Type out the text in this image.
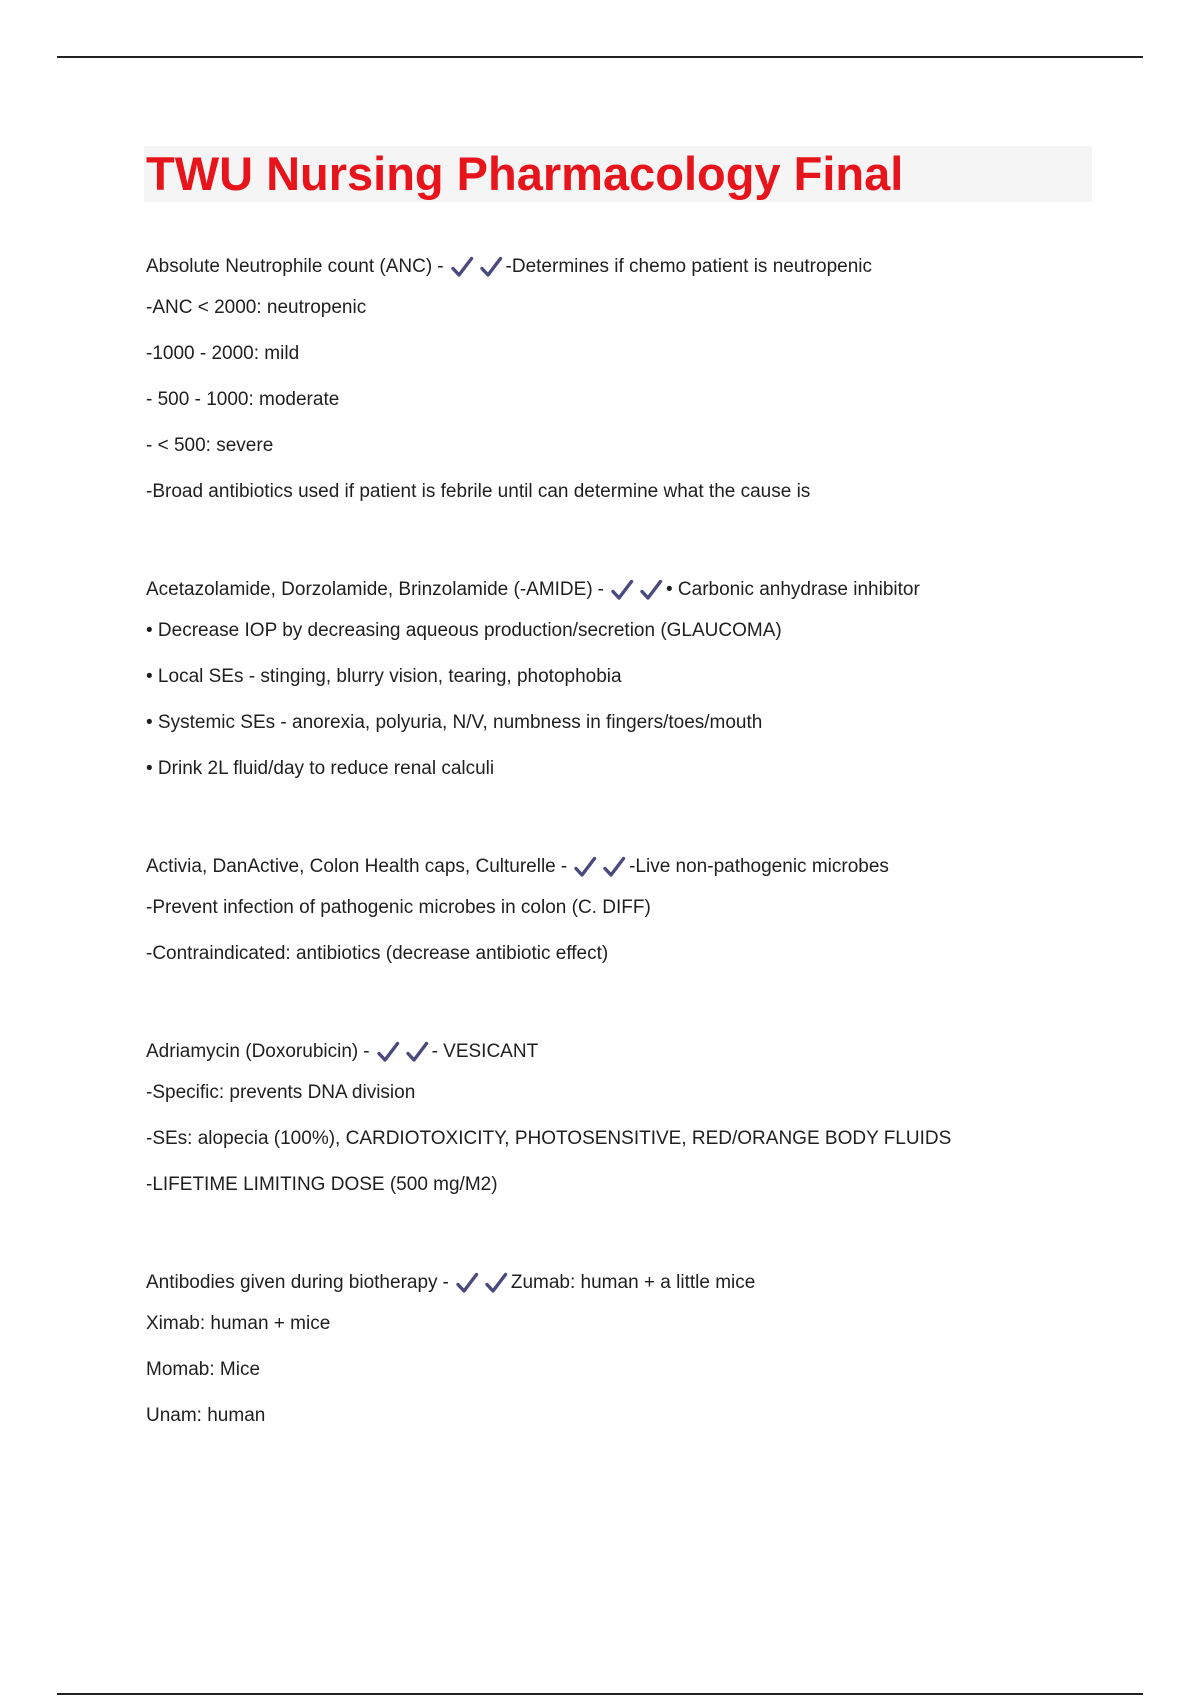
TWU Nursing Pharmacology Final
Absolute Neutrophile count (ANC) -	-Determines if chemo patient is neutropenic
-ANC < 2000: neutropenic
-1000 - 2000: mild
- 500 - 1000: moderate
- < 500: severe
-Broad antibiotics used if patient is febrile until can determine what the cause is
Acetazolamide, Dorzolamide, Brinzolamide (-AMIDE) -	• Carbonic anhydrase inhibitor
• Decrease IOP by decreasing aqueous production/secretion (GLAUCOMA)
• Local SEs - stinging, blurry vision, tearing, photophobia
• Systemic SEs - anorexia, polyuria, N/V, numbness in fingers/toes/mouth
• Drink 2L fluid/day to reduce renal calculi
Activia, DanActive, Colon Health caps, Culturelle -	-Live non-pathogenic microbes
-Prevent infection of pathogenic microbes in colon (C. DIFF)
-Contraindicated: antibiotics (decrease antibiotic effect)
Adriamycin (Doxorubicin) -	- VESICANT
-Specific: prevents DNA division
-SEs: alopecia (100%), CARDIOTOXICITY, PHOTOSENSITIVE, RED/ORANGE BODY FLUIDS
-LIFETIME LIMITING DOSE (500 mg/M2)
Antibodies given during biotherapy -	Zumab: human + a little mice
Ximab: human + mice
Momab: Mice
Unam: human
